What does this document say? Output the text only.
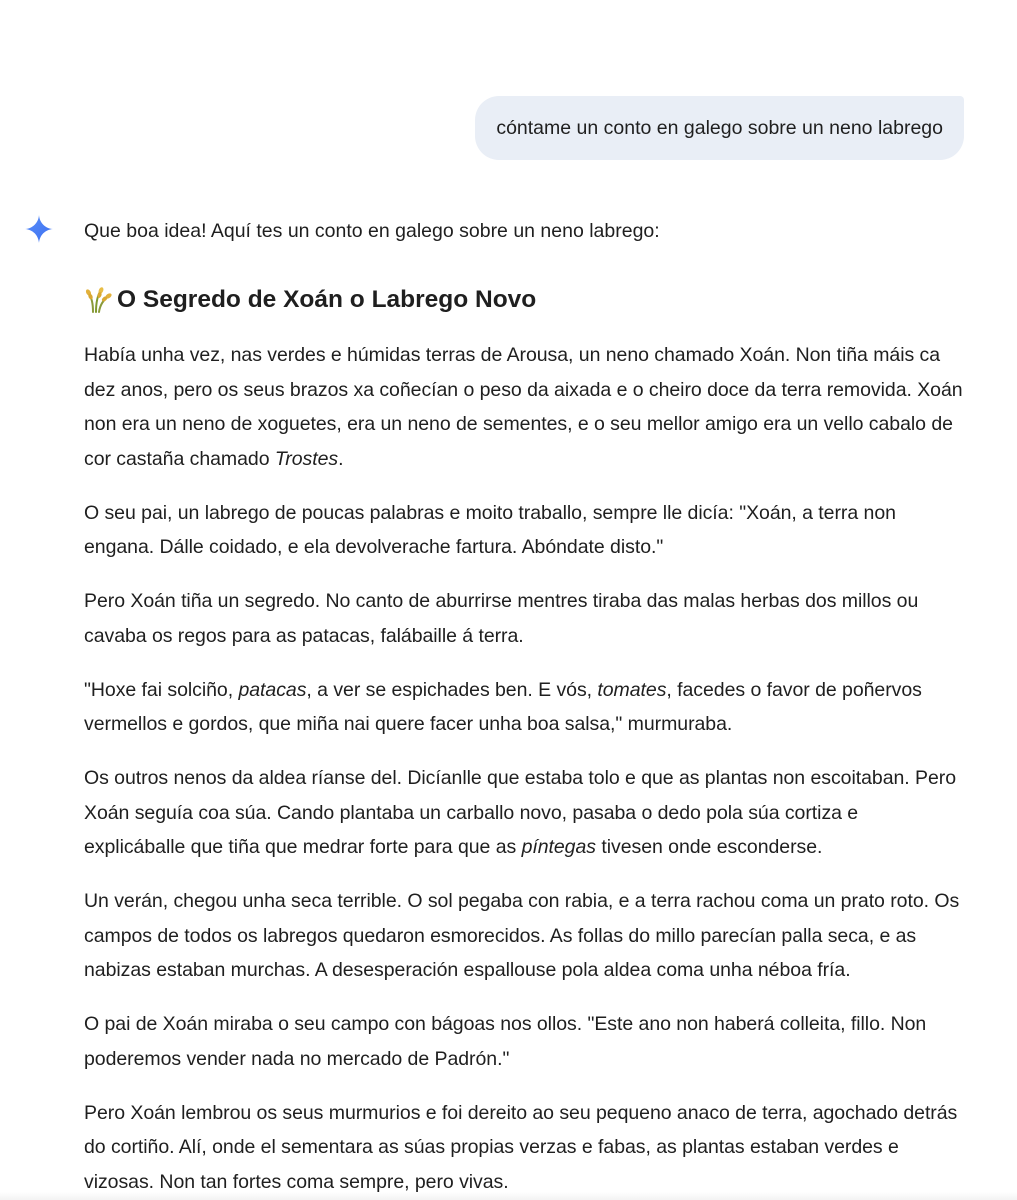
cóntame un conto en galego sobre un neno labrego

Que boa idea! Aquí tes un conto en galego sobre un neno labrego:

O Segredo de Xoán o Labrego Novo

Había unha vez, nas verdes e húmidas terras de Arousa, un neno chamado Xoán. Non tiña máis ca dez anos, pero os seus brazos xa coñecían o peso da aixada e o cheiro doce da terra removida. Xoán non era un neno de xoguetes, era un neno de sementes, e o seu mellor amigo era un vello cabalo de cor castaña chamado Trostes.

O seu pai, un labrego de poucas palabras e moito traballo, sempre lle dicía: "Xoán, a terra non engana. Dálle coidado, e ela devolverache fartura. Abóndate disto."

Pero Xoán tiña un segredo. No canto de aburrirse mentres tiraba das malas herbas dos millos ou cavaba os regos para as patacas, falábaille á terra.

"Hoxe fai solciño, patacas, a ver se espichades ben. E vós, tomates, facedes o favor de poñervos vermellos e gordos, que miña nai quere facer unha boa salsa," murmuraba.

Os outros nenos da aldea ríanse del. Dicíanlle que estaba tolo e que as plantas non escoitaban. Pero Xoán seguía coa súa. Cando plantaba un carballo novo, pasaba o dedo pola súa cortiza e explicáballe que tiña que medrar forte para que as píntegas tivesen onde esconderse.

Un verán, chegou unha seca terrible. O sol pegaba con rabia, e a terra rachou coma un prato roto. Os campos de todos os labregos quedaron esmorecidos. As follas do millo parecían palla seca, e as nabizas estaban murchas. A desesperación espallouse pola aldea coma unha néboa fría.

O pai de Xoán miraba o seu campo con bágoas nos ollos. "Este ano non haberá colleita, fillo. Non poderemos vender nada no mercado de Padrón."

Pero Xoán lembrou os seus murmurios e foi dereito ao seu pequeno anaco de terra, agochado detrás do cortiño. Alí, onde el sementara as súas propias verzas e fabas, as plantas estaban verdes e vizosas. Non tan fortes coma sempre, pero vivas.
